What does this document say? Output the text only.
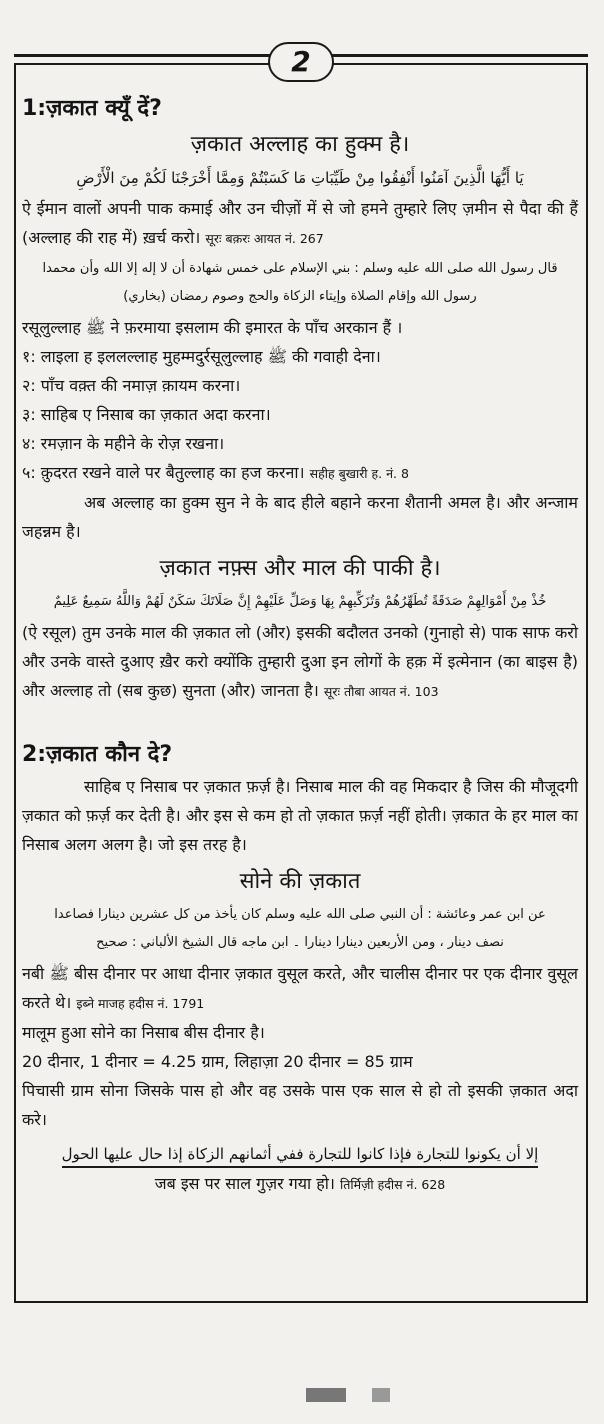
2
1:ज़कात क्यूँ दें?
ज़कात अल्लाह का हुक्म है।
يَا أَيُّهَا الَّذِينَ آمَنُوا أَنْفِقُوا مِنْ طَيِّبَاتِ مَا كَسَبْتُمْ وَمِمَّا أَخْرَجْنَا لَكُمْ مِنَ الْأَرْضِ
ऐ ईमान वालों अपनी पाक कमाई और उन चीज़ों में से जो हमने तुम्हारे लिए ज़मीन से पैदा की हैं (अल्लाह की राह में) ख़र्च करो। सूरः बक़रः आयत नं. 267
قال رسول الله صلى الله عليه وسلم : بني الإسلام على خمس شهادة أن لا إله إلا الله وأن محمدا
رسول الله وإقام الصلاة وإيتاء الزكاة والحج وصوم رمضان (بخاري)
रसूलुल्लाह ﷺ ने फ़रमाया इसलाम की इमारत के पाँच अरकान हैं ।
१: लाइला ह इललल्लाह मुहम्मदुर्रसूलुल्लाह ﷺ की गवाही देना।
२: पाँच वक़्त की नमाज़ क़ायम करना।
३: साहिब ए निसाब का ज़कात अदा करना।
४: रमज़ान के महीने के रोज़ रखना।
५: क़ुदरत रखने वाले पर बैतुल्लाह का हज करना। सहीह बुखारी ह. नं. 8
अब अल्लाह का हुक्म सुन ने के बाद हीले बहाने करना शैतानी अमल है। और अन्जाम जहन्नम है।
ज़कात नफ़्स और माल की पाकी है।
خُذْ مِنْ أَمْوَالِهِمْ صَدَقَةً تُطَهِّرُهُمْ وَتُزَكِّيهِمْ بِهَا وَصَلِّ عَلَيْهِمْ إِنَّ صَلَاتَكَ سَكَنٌ لَهُمْ وَاللَّهُ سَمِيعٌ عَلِيمٌ
(ऐ रसूल) तुम उनके माल की ज़कात लो (और) इसकी बदौलत उनको (गुनाहो से) पाक साफ करो और उनके वास्ते दुआए ख़ैर करो क्योंकि तुम्हारी दुआ इन लोगों के हक़ में इत्मेनान (का बाइस है) और अल्लाह तो (सब कुछ) सुनता (और) जानता है। सूरः तौबा आयत नं. 103
2:ज़कात कौन दे?
साहिब ए निसाब पर ज़कात फ़र्ज़ है। निसाब माल की वह मिकदार है जिस की मौजूदगी ज़कात को फ़र्ज़ कर देती है। और इस से कम हो तो ज़कात फ़र्ज़ नहीं होती। ज़कात के हर माल का निसाब अलग अलग है। जो इस तरह है।
सोने की ज़कात
عن ابن عمر وعائشة : أن النبي صلى الله عليه وسلم كان يأخذ من كل عشرين دينارا فصاعدا
نصف دينار ، ومن الأربعين دينارا دينارا ۔ ابن ماجه قال الشيخ الألباني : صحيح
नबी ﷺ बीस दीनार पर आधा दीनार ज़कात वुसूल करते, और चालीस दीनार पर एक दीनार वुसूल करते थे। इब्ने माजह हदीस नं. 1791
मालूम हुआ सोने का निसाब बीस दीनार है।
20 दीनार, 1 दीनार = 4.25 ग्राम, लिहाज़ा 20 दीनार = 85 ग्राम
पिचासी ग्राम सोना जिसके पास हो और वह उसके पास एक साल से हो तो इसकी ज़कात अदा करे।
إلا أن يكونوا للتجارة فإذا كانوا للتجارة ففي أثمانهم الزكاة إذا حال عليها الحول
जब इस पर साल गुज़र गया हो। तिर्मिज़ी हदीस नं. 628
